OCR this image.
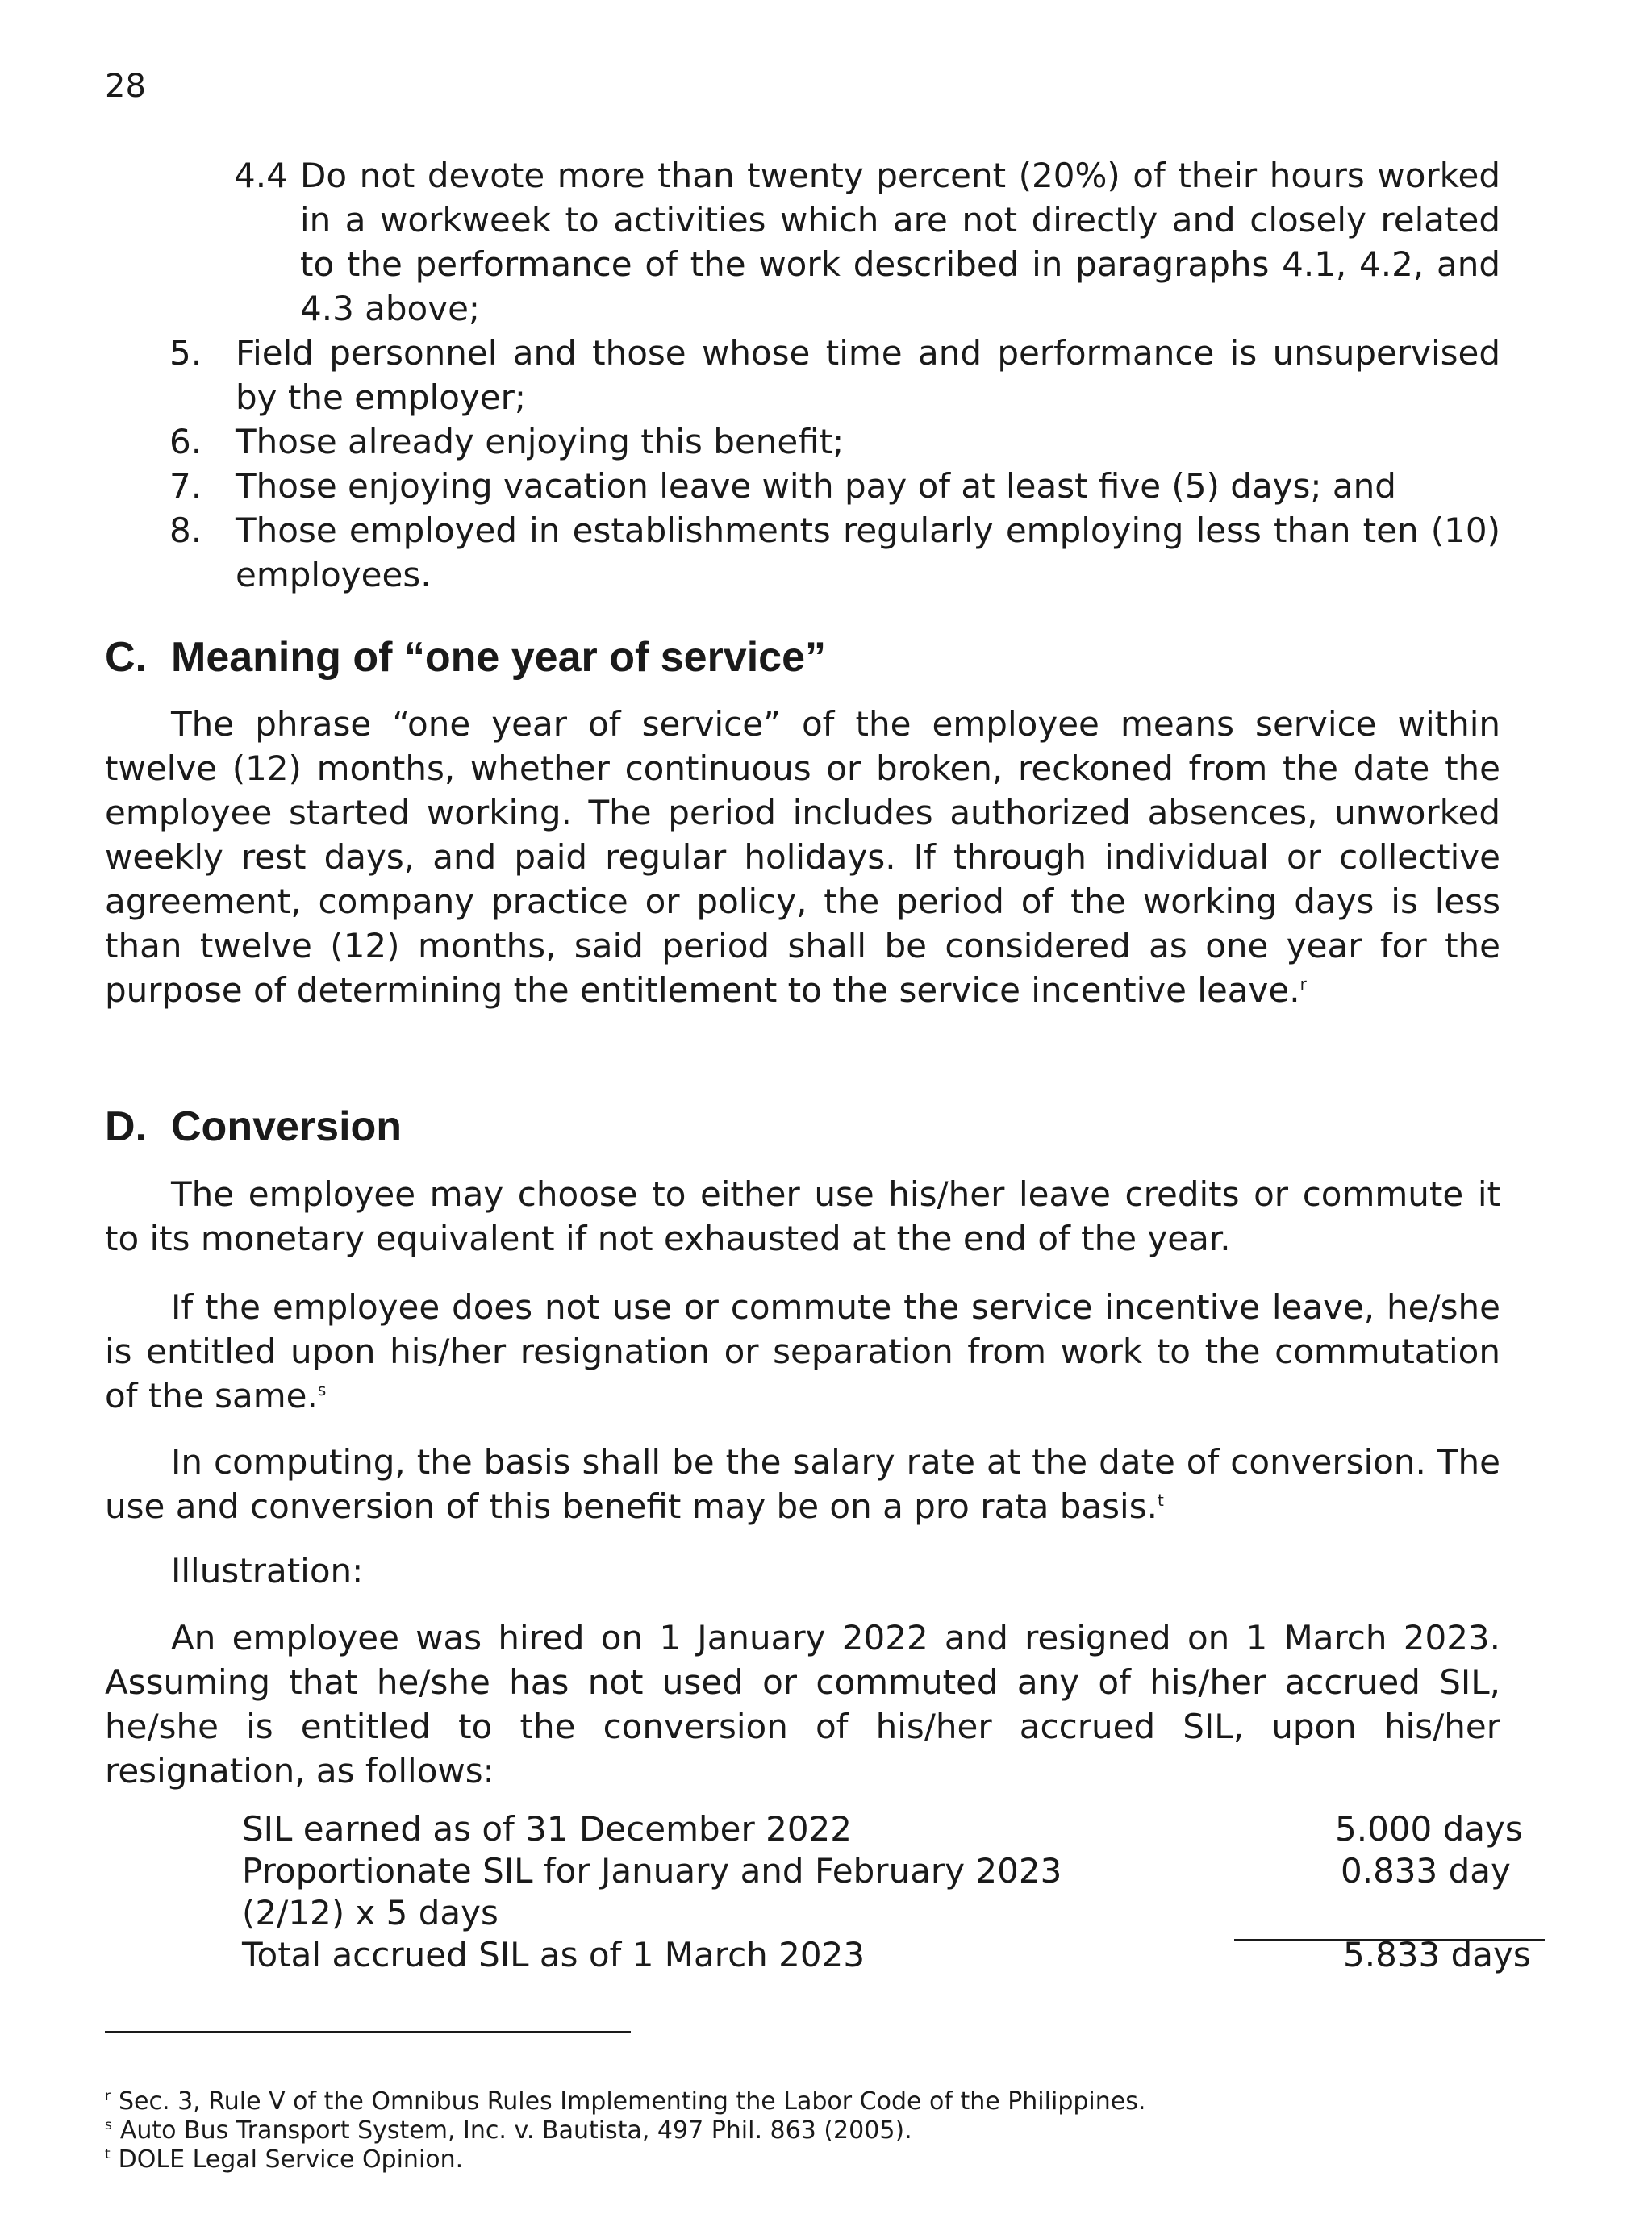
28
4.4 Do not devote more than twenty percent (20%) of their hours worked in a workweek to activities which are not directly and closely related to the performance of the work described in paragraphs 4.1, 4.2, and 4.3 above;
5. Field personnel and those whose time and performance is unsupervised by the employer;
6. Those already enjoying this benefit;
7. Those enjoying vacation leave with pay of at least five (5) days; and
8. Those employed in establishments regularly employing less than ten (10) employees.
C. Meaning of “one year of service”
The phrase “one year of service” of the employee means service within twelve (12) months, whether continuous or broken, reckoned from the date the employee started working. The period includes authorized absences, unworked weekly rest days, and paid regular holidays. If through individual or collective agreement, company practice or policy, the period of the working days is less than twelve (12) months, said period shall be considered as one year for the purpose of determining the entitlement to the service incentive leave.$^r$
D. Conversion
The employee may choose to either use his/her leave credits or commute it to its monetary equivalent if not exhausted at the end of the year.
If the employee does not use or commute the service incentive leave, he/she is entitled upon his/her resignation or separation from work to the commutation of the same.$^s$
In computing, the basis shall be the salary rate at the date of conversion. The use and conversion of this benefit may be on a pro rata basis.$^t$
Illustration:
An employee was hired on 1 January 2022 and resigned on 1 March 2023. Assuming that he/she has not used or commuted any of his/her accrued SIL, he/she is entitled to the conversion of his/her accrued SIL, upon his/her resignation, as follows:
SIL earned as of 31 December 2022	5.000 days
Proportionate SIL for January and February 2023	0.833 day
(2/12) x 5 days
Total accrued SIL as of 1 March 2023	5.833 days
$^r$ Sec. 3, Rule V of the Omnibus Rules Implementing the Labor Code of the Philippines.
$^s$ Auto Bus Transport System, Inc. v. Bautista, 497 Phil. 863 (2005).
$^t$ DOLE Legal Service Opinion.
